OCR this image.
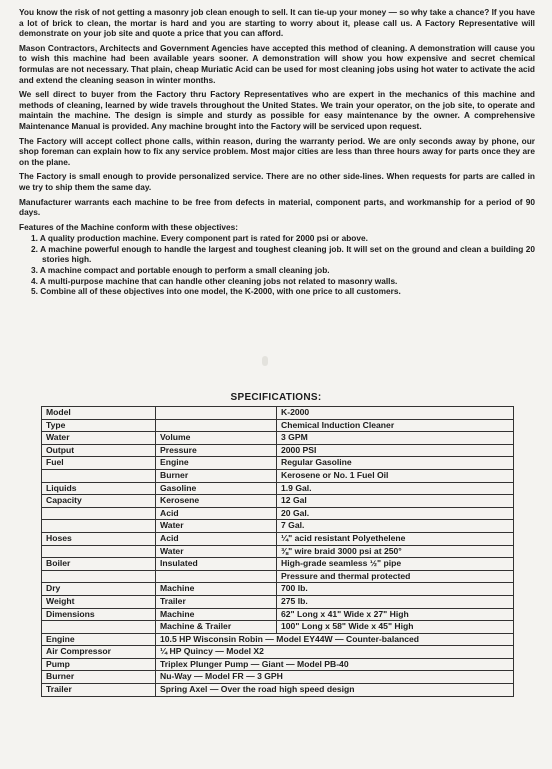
You know the risk of not getting a masonry job clean enough to sell. It can tie-up your money — so why take a chance? If you have a lot of brick to clean, the mortar is hard and you are starting to worry about it, please call us. A Factory Representative will demonstrate on your job site and quote a price that you can afford.

Mason Contractors, Architects and Government Agencies have accepted this method of cleaning. A demonstration will cause you to wish this machine had been available years sooner. A demonstration will show you how expensive and secret chemical formulas are not necessary. That plain, cheap Muriatic Acid can be used for most cleaning jobs using hot water to activate the acid and extend the cleaning season in winter months.

We sell direct to buyer from the Factory thru Factory Representatives who are expert in the mechanics of this machine and methods of cleaning, learned by wide travels throughout the United States. We train your operator, on the job site, to operate and maintain the machine. The design is simple and sturdy as possible for easy maintenance by the owner. A comprehensive Maintenance Manual is provided. Any machine brought into the Factory will be serviced upon request.

The Factory will accept collect phone calls, within reason, during the warranty period. We are only seconds away by phone, our shop foreman can explain how to fix any service problem. Most major cities are less than three hours away for parts once they are on the plane.

The Factory is small enough to provide personalized service. There are no other side-lines. When requests for parts are called in we try to ship them the same day.

Manufacturer warrants each machine to be free from defects in material, component parts, and workmanship for a period of 90 days.

Features of the Machine conform with these objectives:

1. A quality production machine. Every component part is rated for 2000 psi or above.
2. A machine powerful enough to handle the largest and toughest cleaning job. It will set on the ground and clean a building 20 stories high.
3. A machine compact and portable enough to perform a small cleaning job.
4. A multi-purpose machine that can handle other cleaning jobs not related to masonry walls.
5. Combine all of these objectives into one model, the K-2000, with one price to all customers.
SPECIFICATIONS:
Model		K-2000
Type		Chemical Induction Cleaner
Water	Volume	3 GPM
Output	Pressure	2000 PSI
Fuel	Engine	Regular Gasoline
	Burner	Kerosene or No. 1 Fuel Oil
Liquids	Gasoline	1.9 Gal.
Capacity	Kerosene	12 Gal
	Acid	20 Gal.
	Water	7 Gal.
Hoses	Acid	¼" acid resistant Polyethelene
	Water	⅜" wire braid 3000 psi at 250°
Boiler	Insulated	High-grade seamless ½" pipe
		Pressure and thermal protected
Dry	Machine	700 lb.
Weight	Trailer	275 lb.
Dimensions	Machine	62" Long x 41" Wide x 27" High
	Machine & Trailer	100" Long x 58" Wide x 45" High
Engine	10.5 HP Wisconsin Robin — Model EY44W — Counter-balanced	
Air Compressor	¼ HP Quincy — Model X2	
Pump	Triplex Plunger Pump — Giant — Model PB-40	
Burner	Nu-Way — Model FR — 3 GPH	
Trailer	Spring Axel — Over the road high speed design	
